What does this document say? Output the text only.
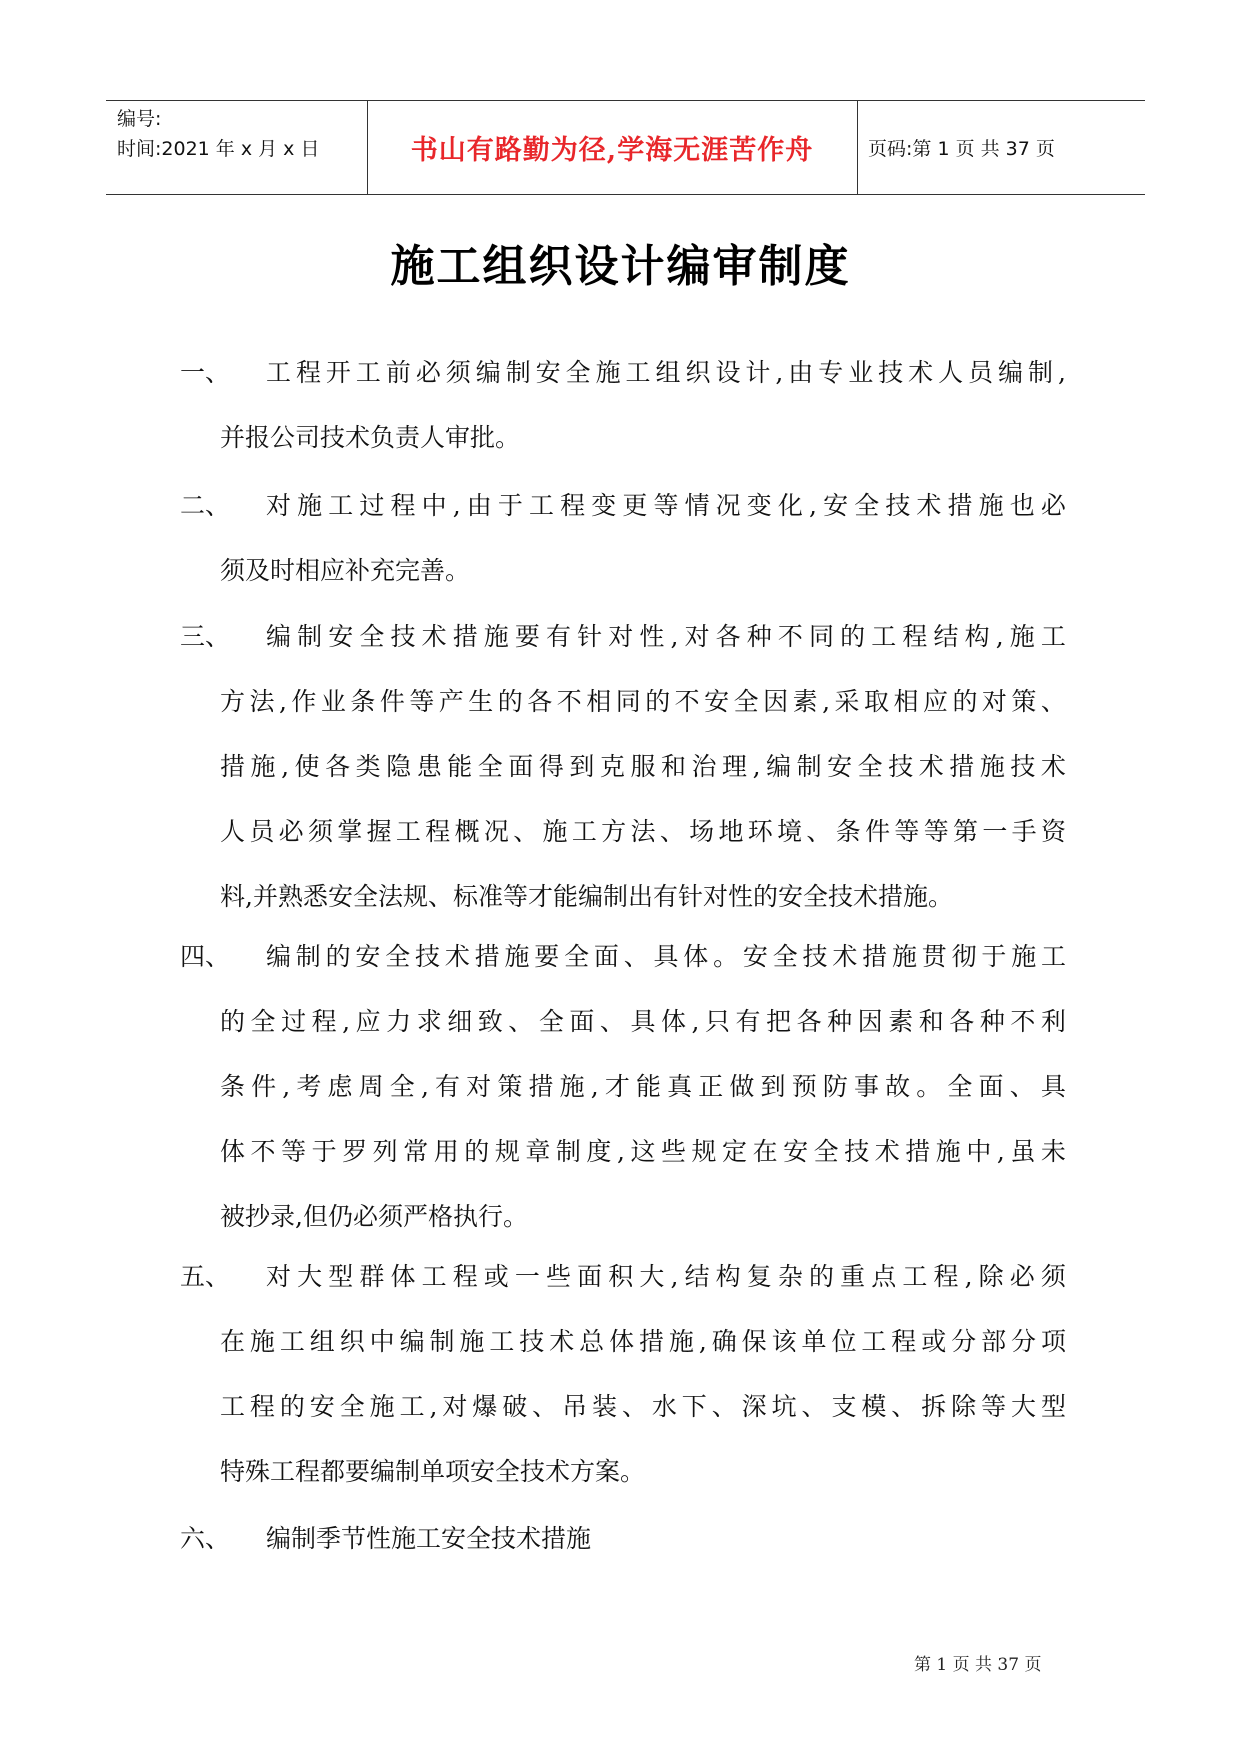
编号:
时间:2021 年 x 月 x 日	书山有路勤为径,学海无涯苦作舟	页码:第 1 页 共 37 页
施工组织设计编审制度
一、 工程开工前必须编制安全施工组织设计,由专业技术人员编制,
并报公司技术负责人审批。
二、 对施工过程中,由于工程变更等情况变化,安全技术措施也必
须及时相应补充完善。
三、 编制安全技术措施要有针对性,对各种不同的工程结构,施工
方法,作业条件等产生的各不相同的不安全因素,采取相应的对策、
措施,使各类隐患能全面得到克服和治理,编制安全技术措施技术
人员必须掌握工程概况、施工方法、场地环境、条件等等第一手资
料,并熟悉安全法规、标准等才能编制出有针对性的安全技术措施。
四、 编制的安全技术措施要全面、具体。安全技术措施贯彻于施工
的全过程,应力求细致、全面、具体,只有把各种因素和各种不利
条件,考虑周全,有对策措施,才能真正做到预防事故。全面、具
体不等于罗列常用的规章制度,这些规定在安全技术措施中,虽未
被抄录,但仍必须严格执行。
五、 对大型群体工程或一些面积大,结构复杂的重点工程,除必须
在施工组织中编制施工技术总体措施,确保该单位工程或分部分项
工程的安全施工,对爆破、吊装、水下、深坑、支模、拆除等大型
特殊工程都要编制单项安全技术方案。
六、 编制季节性施工安全技术措施
第 1 页 共 37 页
